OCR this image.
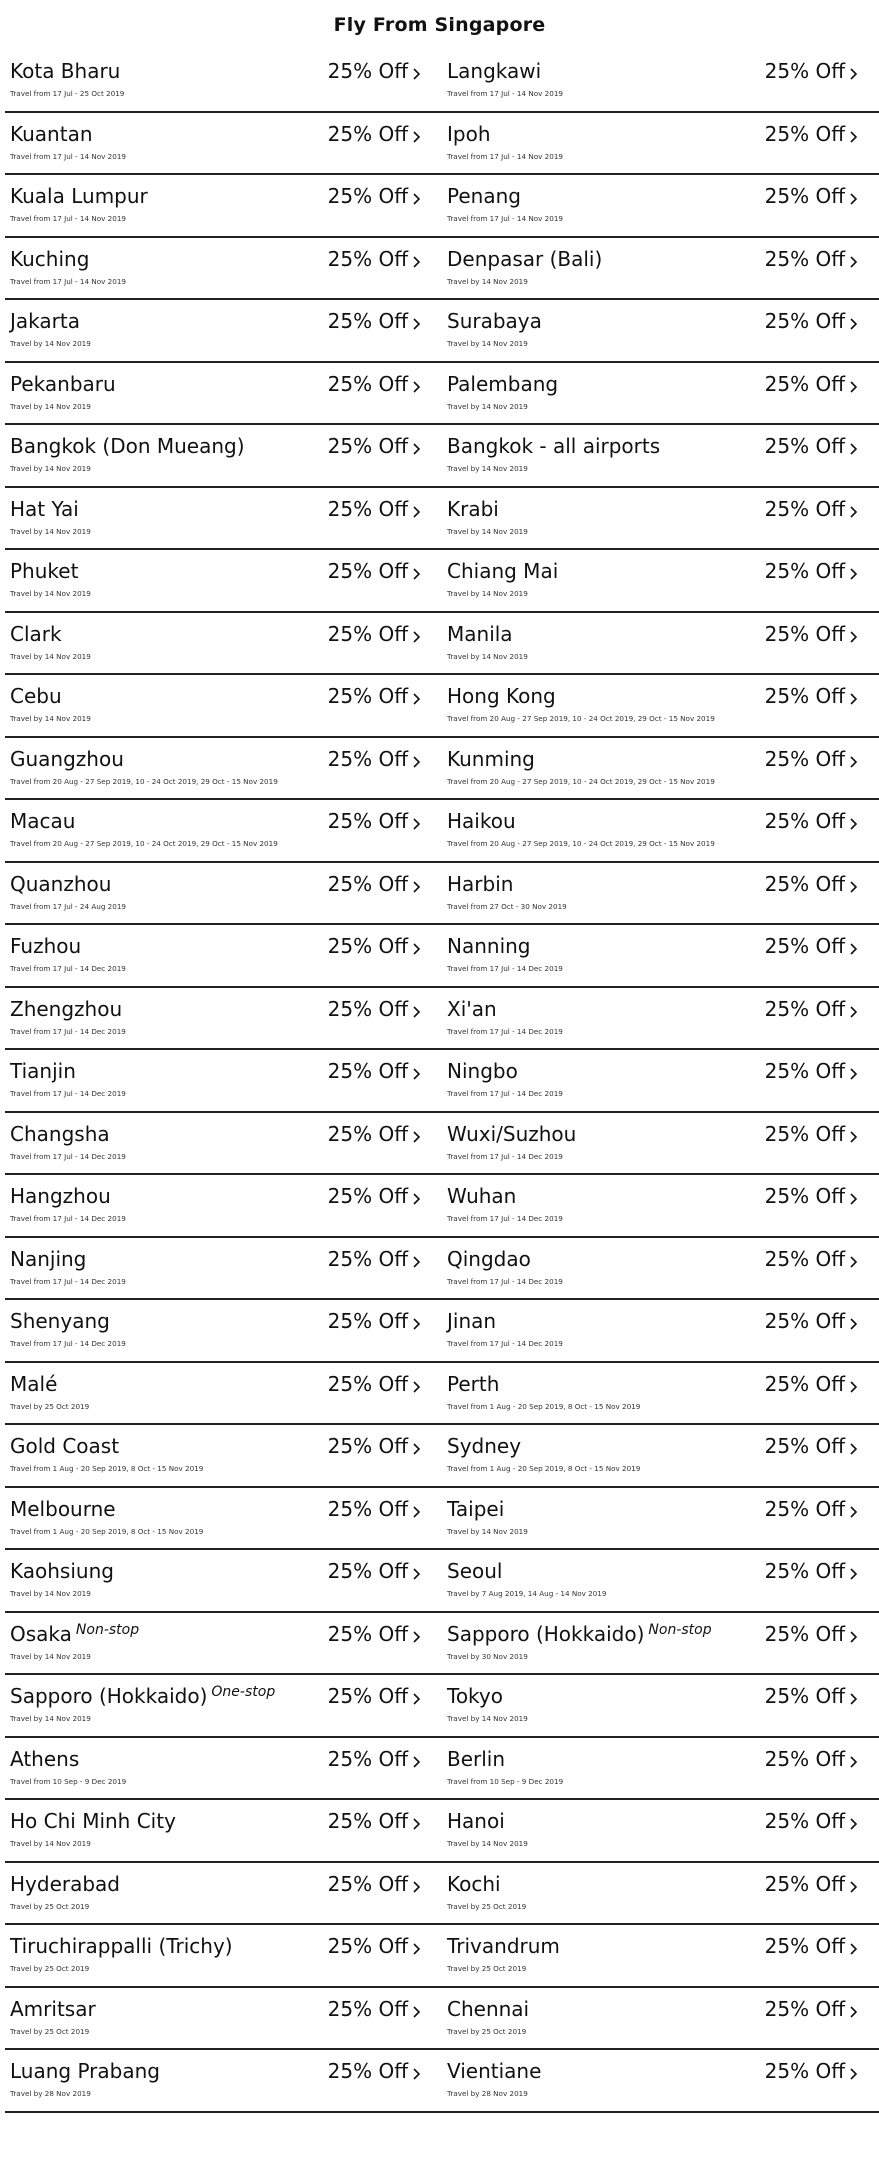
Fly From Singapore
Kota Bharu
Travel from 17 Jul - 25 Oct 2019
25% Off Langkawi
Travel from 17 Jul - 14 Nov 2019
25% Off
Kuantan
Travel from 17 Jul - 14 Nov 2019
25% Off Ipoh
Travel from 17 Jul - 14 Nov 2019
25% Off
Kuala Lumpur
Travel from 17 Jul - 14 Nov 2019
25% Off Penang
Travel from 17 Jul - 14 Nov 2019
25% Off
Kuching
Travel from 17 Jul - 14 Nov 2019
25% Off Denpasar (Bali)
Travel by 14 Nov 2019
25% Off
Jakarta
Travel by 14 Nov 2019
25% Off Surabaya
Travel by 14 Nov 2019
25% Off
Pekanbaru
Travel by 14 Nov 2019
25% Off Palembang
Travel by 14 Nov 2019
25% Off
Bangkok (Don Mueang)
Travel by 14 Nov 2019
25% Off Bangkok - all airports
Travel by 14 Nov 2019
25% Off
Hat Yai
Travel by 14 Nov 2019
25% Off Krabi
Travel by 14 Nov 2019
25% Off
Phuket
Travel by 14 Nov 2019
25% Off Chiang Mai
Travel by 14 Nov 2019
25% Off
Clark
Travel by 14 Nov 2019
25% Off Manila
Travel by 14 Nov 2019
25% Off
Cebu
Travel by 14 Nov 2019
25% Off Hong Kong
Travel from 20 Aug - 27 Sep 2019, 10 - 24 Oct 2019, 29 Oct - 15 Nov 2019
25% Off
Guangzhou
Travel from 20 Aug - 27 Sep 2019, 10 - 24 Oct 2019, 29 Oct - 15 Nov 2019
25% Off Kunming
Travel from 20 Aug - 27 Sep 2019, 10 - 24 Oct 2019, 29 Oct - 15 Nov 2019
25% Off
Macau
Travel from 20 Aug - 27 Sep 2019, 10 - 24 Oct 2019, 29 Oct - 15 Nov 2019
25% Off Haikou
Travel from 20 Aug - 27 Sep 2019, 10 - 24 Oct 2019, 29 Oct - 15 Nov 2019
25% Off
Quanzhou
Travel from 17 Jul - 24 Aug 2019
25% Off Harbin
Travel from 27 Oct - 30 Nov 2019
25% Off
Fuzhou
Travel from 17 Jul - 14 Dec 2019
25% Off Nanning
Travel from 17 Jul - 14 Dec 2019
25% Off
Zhengzhou
Travel from 17 Jul - 14 Dec 2019
25% Off Xi'an
Travel from 17 Jul - 14 Dec 2019
25% Off
Tianjin
Travel from 17 Jul - 14 Dec 2019
25% Off Ningbo
Travel from 17 Jul - 14 Dec 2019
25% Off
Changsha
Travel from 17 Jul - 14 Dec 2019
25% Off Wuxi/Suzhou
Travel from 17 Jul - 14 Dec 2019
25% Off
Hangzhou
Travel from 17 Jul - 14 Dec 2019
25% Off Wuhan
Travel from 17 Jul - 14 Dec 2019
25% Off
Nanjing
Travel from 17 Jul - 14 Dec 2019
25% Off Qingdao
Travel from 17 Jul - 14 Dec 2019
25% Off
Shenyang
Travel from 17 Jul - 14 Dec 2019
25% Off Jinan
Travel from 17 Jul - 14 Dec 2019
25% Off
Malé
Travel by 25 Oct 2019
25% Off Perth
Travel from 1 Aug - 20 Sep 2019, 8 Oct - 15 Nov 2019
25% Off
Gold Coast
Travel from 1 Aug - 20 Sep 2019, 8 Oct - 15 Nov 2019
25% Off Sydney
Travel from 1 Aug - 20 Sep 2019, 8 Oct - 15 Nov 2019
25% Off
Melbourne
Travel from 1 Aug - 20 Sep 2019, 8 Oct - 15 Nov 2019
25% Off Taipei
Travel by 14 Nov 2019
25% Off
Kaohsiung
Travel by 14 Nov 2019
25% Off Seoul
Travel by 7 Aug 2019, 14 Aug - 14 Nov 2019
25% Off
Osaka $^{Non-stop}$
Travel by 14 Nov 2019
25% Off Sapporo (Hokkaido) $^{Non-stop}$
Travel by 30 Nov 2019
25% Off
Sapporo (Hokkaido) $^{One-stop}$
Travel by 14 Nov 2019
25% Off Tokyo
Travel by 14 Nov 2019
25% Off
Athens
Travel from 10 Sep - 9 Dec 2019
25% Off Berlin
Travel from 10 Sep - 9 Dec 2019
25% Off
Ho Chi Minh City
Travel by 14 Nov 2019
25% Off Hanoi
Travel by 14 Nov 2019
25% Off
Hyderabad
Travel by 25 Oct 2019
25% Off Kochi
Travel by 25 Oct 2019
25% Off
Tiruchirappalli (Trichy)
Travel by 25 Oct 2019
25% Off Trivandrum
Travel by 25 Oct 2019
25% Off
Amritsar
Travel by 25 Oct 2019
25% Off Chennai
Travel by 25 Oct 2019
25% Off
Luang Prabang
Travel by 28 Nov 2019
25% Off Vientiane
Travel by 28 Nov 2019
25% Off
